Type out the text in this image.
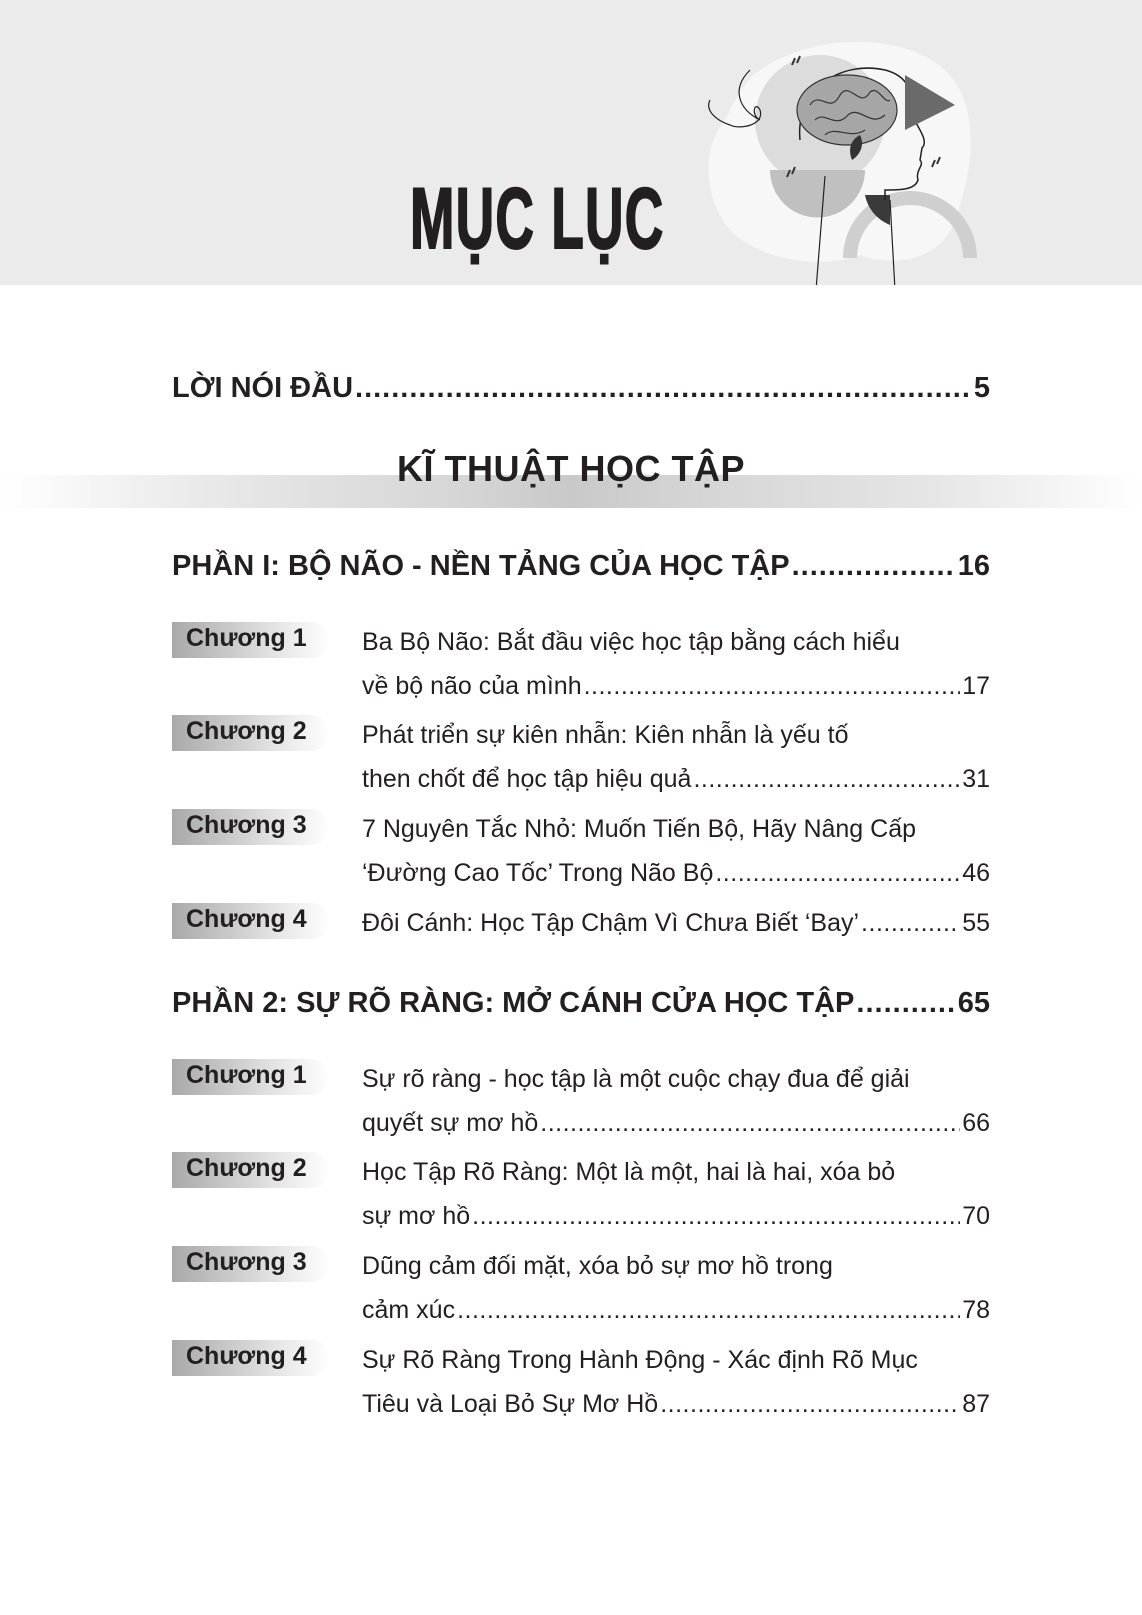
MỤC LỤC
LỜI NÓI ĐẦU .....	5
KĨ THUẬT HỌC TẬP
PHẦN I: BỘ NÃO - NỀN TẢNG CỦA HỌC TẬP .....	16
Chương 1 Ba Bộ Não: Bắt đầu việc học tập bằng cách hiểu
về bộ não của mình .....	17
Chương 2 Phát triển sự kiên nhẫn: Kiên nhẫn là yếu tố
then chốt để học tập hiệu quả .....	31
Chương 3 7 Nguyên Tắc Nhỏ: Muốn Tiến Bộ, Hãy Nâng Cấp
‘Đường Cao Tốc’ Trong Não Bộ .....	46
Chương 4 Đôi Cánh: Học Tập Chậm Vì Chưa Biết ‘Bay’ .....	55
PHẦN 2: SỰ RÕ RÀNG: MỞ CÁNH CỬA HỌC TẬP .....	65
Chương 1 Sự rõ ràng - học tập là một cuộc chạy đua để giải
quyết sự mơ hồ .....	66
Chương 2 Học Tập Rõ Ràng: Một là một, hai là hai, xóa bỏ
sự mơ hồ .....	70
Chương 3 Dũng cảm đối mặt, xóa bỏ sự mơ hồ trong
cảm xúc .....	78
Chương 4 Sự Rõ Ràng Trong Hành Động - Xác định Rõ Mục
Tiêu và Loại Bỏ Sự Mơ Hồ .....	87
